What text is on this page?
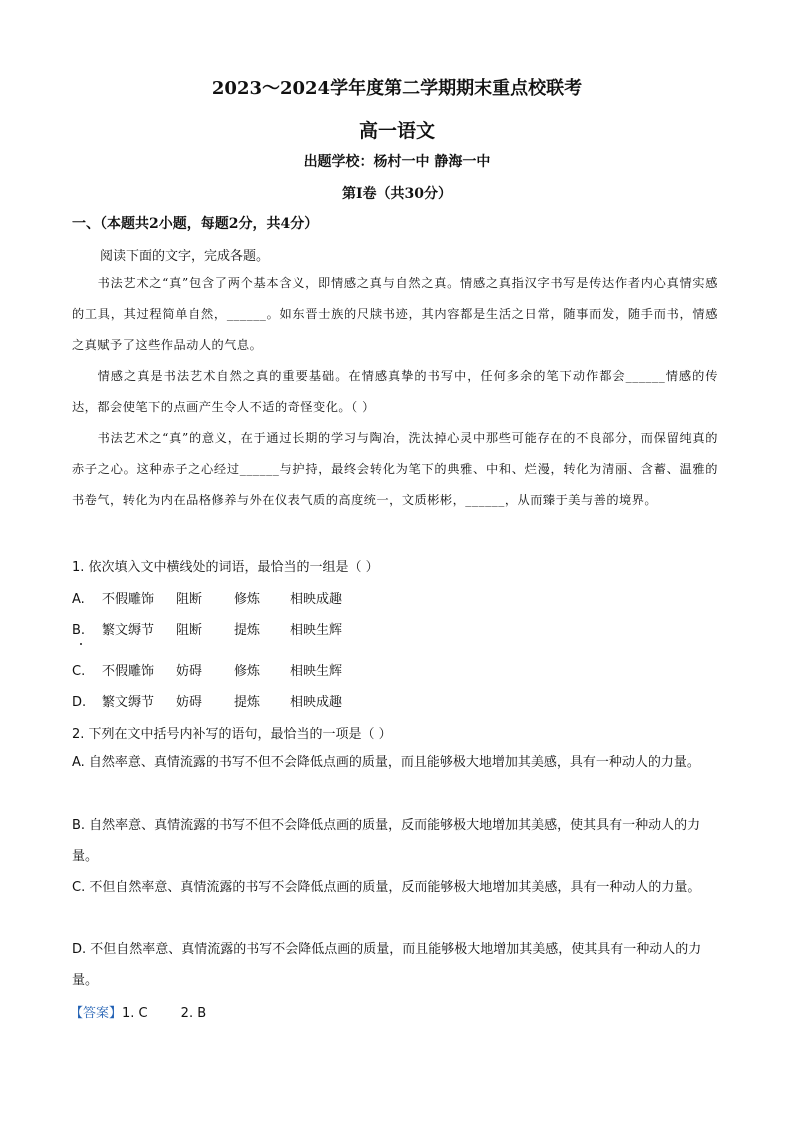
2023～2024学年度第二学期期末重点校联考
高一语文
出题学校：杨村一中 静海一中
第Ⅰ卷（共30分）
一、（本题共2小题，每题2分，共4分）
阅读下面的文字，完成各题。

书法艺术之“真”包含了两个基本含义，即情感之真与自然之真。情感之真指汉字书写是传达作者内心真情实感的工具，其过程简单自然，______。如东晋士族的尺牍书迹，其内容都是生活之日常，随事而发，随手而书，情感之真赋予了这些作品动人的气息。

情感之真是书法艺术自然之真的重要基础。在情感真挚的书写中，任何多余的笔下动作都会______情感的传达，都会使笔下的点画产生令人不适的奇怪变化。（ ）

书法艺术之“真”的意义，在于通过长期的学习与陶冶，洗汰掉心灵中那些可能存在的不良部分，而保留纯真的赤子之心。这种赤子之心经过______与护持，最终会转化为笔下的典雅、中和、烂漫，转化为清丽、含蓄、温雅的书卷气，转化为内在品格修养与外在仪表气质的高度统一，文质彬彬，______，从而臻于美与善的境界。

1. 依次填入文中横线处的词语，最恰当的一组是（ ）
A. 不假雕饰 阻断 修炼 相映成趣
B. 繁文缛节 阻断 提炼 相映生辉
C. 不假雕饰 妨碍 修炼 相映生辉
D. 繁文缛节 妨碍 提炼 相映成趣
2. 下列在文中括号内补写的语句，最恰当的一项是（ ）
A. 自然率意、真情流露的书写不但不会降低点画的质量，而且能够极大地增加其美感，具有一种动人的力量。
B. 自然率意、真情流露的书写不但不会降低点画的质量，反而能够极大地增加其美感，使其具有一种动人的力量。
C. 不但自然率意、真情流露的书写不会降低点画的质量，反而能够极大地增加其美感，具有一种动人的力量。
D. 不但自然率意、真情流露的书写不会降低点画的质量，而且能够极大地增加其美感，使其具有一种动人的力量。
【答案】1. C        2. B
